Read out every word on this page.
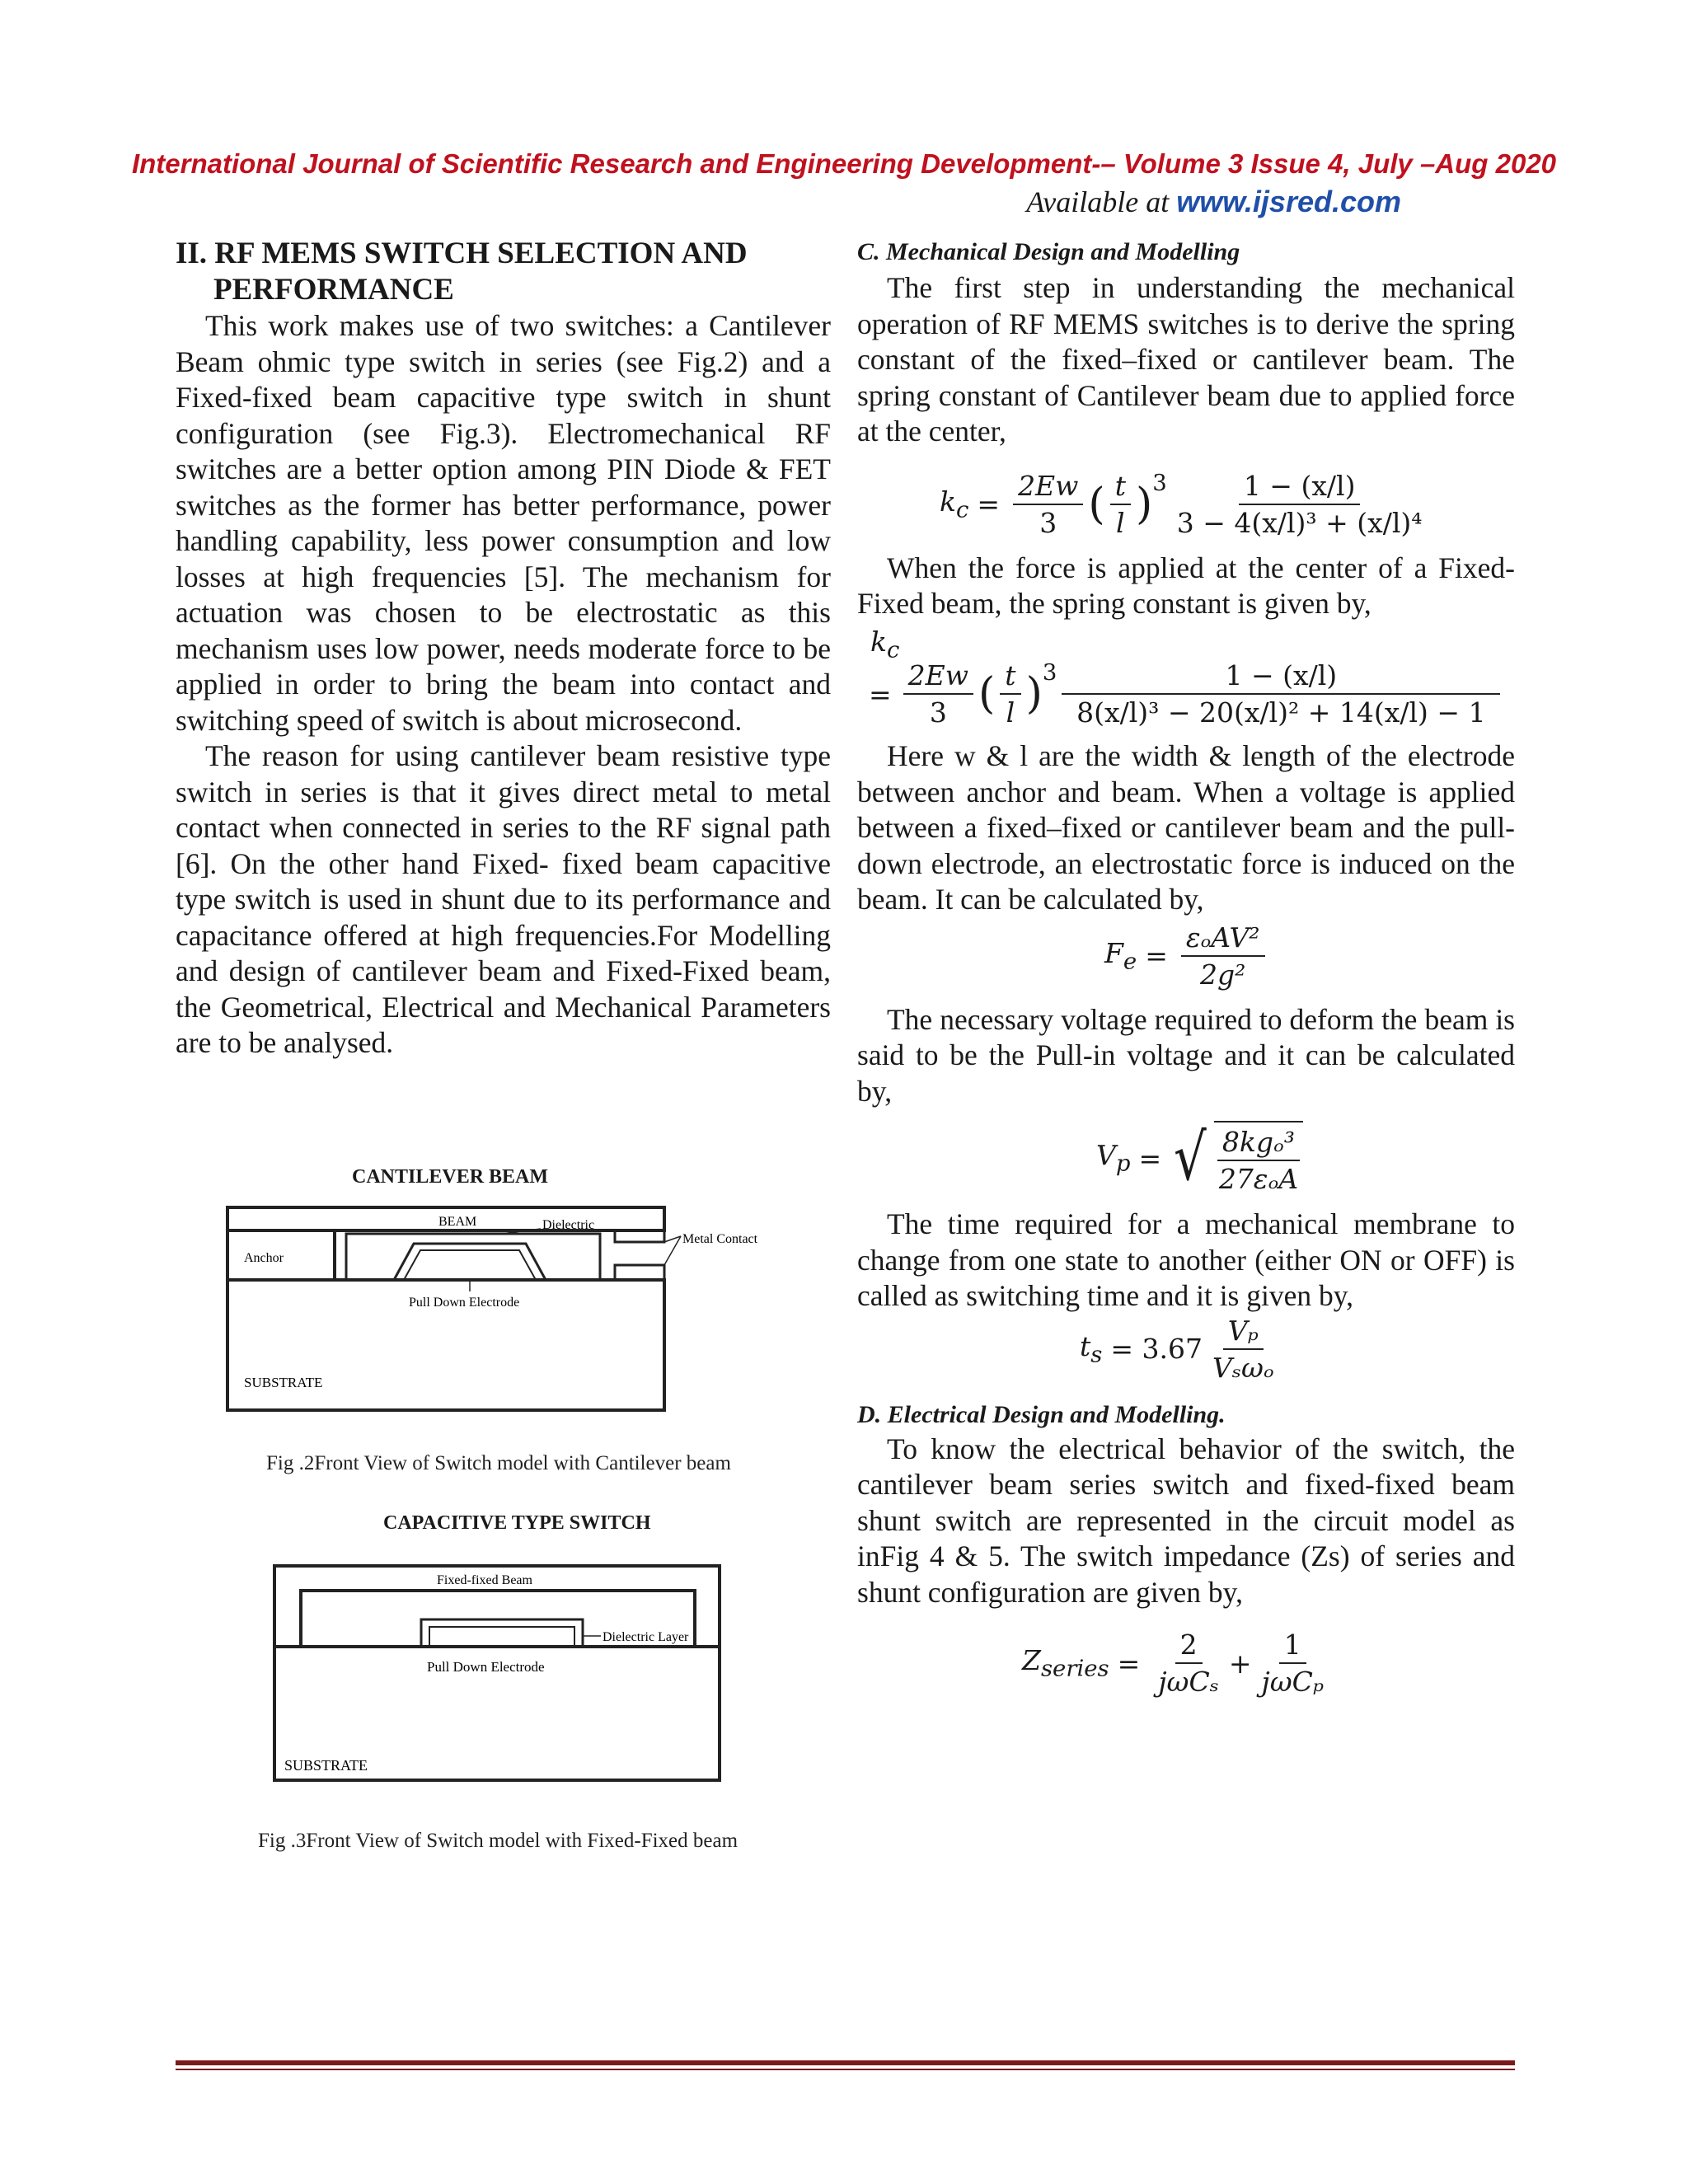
International Journal of Scientific Research and Engineering Development-– Volume 3 Issue 4, July –Aug 2020
Available at www.ijsred.com
II. RF MEMS SWITCH SELECTION AND
PERFORMANCE

This work makes use of two switches: a Cantilever Beam ohmic type switch in series (see Fig.2) and a Fixed-fixed beam capacitive type switch in shunt configuration (see Fig.3). Electromechanical RF switches are a better option among PIN Diode & FET switches as the former has better performance, power handling capability, less power consumption and low losses at high frequencies [5]. The mechanism for actuation was chosen to be electrostatic as this mechanism uses low power, needs moderate force to be applied in order to bring the beam into contact and switching speed of switch is about microsecond.

The reason for using cantilever beam resistive type switch in series is that it gives direct metal to metal contact when connected in series to the RF signal path [6]. On the other hand Fixed- fixed beam capacitive type switch is used in shunt due to its performance and capacitance offered at high frequencies.For Modelling and design of cantilever beam and Fixed-Fixed beam, the Geometrical, Electrical and Mechanical Parameters are to be analysed.

CANTILEVER BEAM
BEAM	Dielectric
Anchor
Metal Contact
Pull Down Electrode
SUBSTRATE
Fig .2Front View of Switch model with Cantilever beam
CAPACITIVE TYPE SWITCH
Fixed-fixed Beam
Dielectric Layer
Pull Down Electrode
SUBSTRATE
Fig .3Front View of Switch model with Fixed-Fixed beam

C. Mechanical Design and Modelling

The first step in understanding the mechanical operation of RF MEMS switches is to derive the spring constant of the fixed–fixed or cantilever beam. The spring constant of Cantilever beam due to applied force at the center,

$k_c = \frac{2Ew}{3}$ ( $\frac{t}{l} )^3 \frac{1 - (x/l)}{\text{3 − 4(x/l)³ + (x/l)⁴}}$

When the force is applied at the center of a Fixed-Fixed beam, the spring constant is given by,

$k_c$
= $\frac{2Ew}{3}$ ( $\frac{t}{l} )^3 \frac{1 - (x/l)}{\text{8(x/l)³ − 20(x/l)² + 14(x/l) − 1}}$

Here w & l are the width & length of the electrode between anchor and beam. When a voltage is applied between a fixed–fixed or cantilever beam and the pull-down electrode, an electrostatic force is induced on the beam. It can be calculated by,

$F_e = \frac{\text{εₒAV²}}{\text{2g²}}$

The necessary voltage required to deform the beam is said to be the Pull-in voltage and it can be calculated by,

$V_p$ = √ $\frac{\text{8kgₒ³}}{\text{27εₒA}}$

The time required for a mechanical membrane to change from one state to another (either ON or OFF) is called as switching time and it is given by,

$t_s = 3.67 \frac{\text{Vₚ}}{\text{Vₛωₒ}}$

D. Electrical Design and Modelling.

To know the electrical behavior of the switch, the cantilever beam series switch and fixed-fixed beam shunt switch are represented in the circuit model as inFig 4 & 5. The switch impedance (Zs) of series and shunt configuration are given by,

$Z_{series} = \frac{2}{\text{jωCₛ}} + \frac{1}{\text{jωCₚ}}$
